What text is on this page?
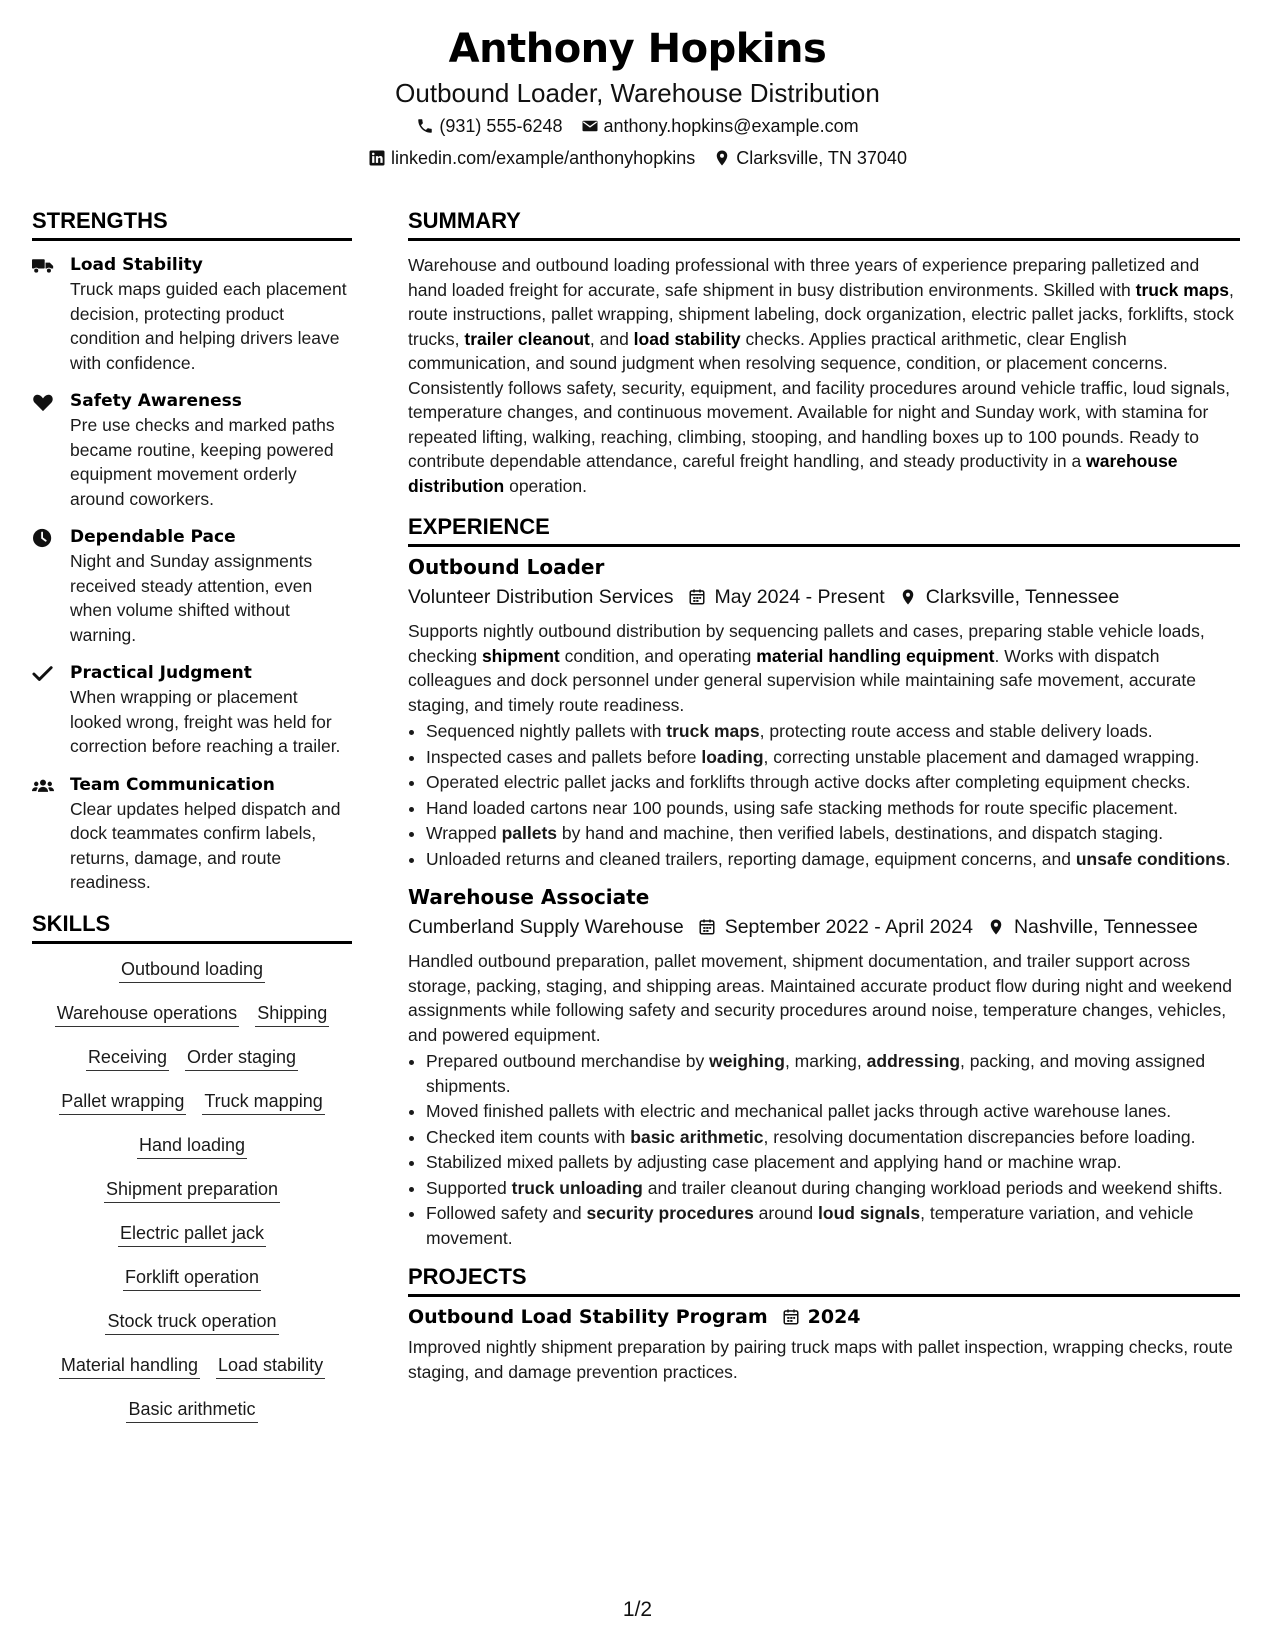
Anthony Hopkins
Outbound Loader, Warehouse Distribution
(931) 555-6248 anthony.hopkins@example.com
linkedin.com/example/anthonyhopkins Clarksville, TN 37040
STRENGTHS
Load Stability
Truck maps guided each placement decision, protecting product condition and helping drivers leave with confidence.
Safety Awareness
Pre use checks and marked paths became routine, keeping powered equipment movement orderly around coworkers.
Dependable Pace
Night and Sunday assignments received steady attention, even when volume shifted without warning.
Practical Judgment
When wrapping or placement looked wrong, freight was held for correction before reaching a trailer.
Team Communication
Clear updates helped dispatch and dock teammates confirm labels, returns, damage, and route readiness.
SKILLS
Outbound loading
Warehouse operations Shipping
Receiving Order staging
Pallet wrapping Truck mapping
Hand loading
Shipment preparation
Electric pallet jack
Forklift operation
Stock truck operation
Material handling Load stability
Basic arithmetic
SUMMARY

Warehouse and outbound loading professional with three years of experience preparing palletized and hand loaded freight for accurate, safe shipment in busy distribution environments. Skilled with truck maps, route instructions, pallet wrapping, shipment labeling, dock organization, electric pallet jacks, forklifts, stock trucks, trailer cleanout, and load stability checks. Applies practical arithmetic, clear English communication, and sound judgment when resolving sequence, condition, or placement concerns. Consistently follows safety, security, equipment, and facility procedures around vehicle traffic, loud signals, temperature changes, and continuous movement. Available for night and Sunday work, with stamina for repeated lifting, walking, reaching, climbing, stooping, and handling boxes up to 100 pounds. Ready to contribute dependable attendance, careful freight handling, and steady productivity in a warehouse distribution operation.

EXPERIENCE
Outbound Loader
Volunteer Distribution Services May 2024 - Present Clarksville, Tennessee

Supports nightly outbound distribution by sequencing pallets and cases, preparing stable vehicle loads, checking shipment condition, and operating material handling equipment. Works with dispatch colleagues and dock personnel under general supervision while maintaining safe movement, accurate staging, and timely route readiness.

• Sequenced nightly pallets with truck maps, protecting route access and stable delivery loads.
• Inspected cases and pallets before loading, correcting unstable placement and damaged wrapping.
• Operated electric pallet jacks and forklifts through active docks after completing equipment checks.
• Hand loaded cartons near 100 pounds, using safe stacking methods for route specific placement.
• Wrapped pallets by hand and machine, then verified labels, destinations, and dispatch staging.
• Unloaded returns and cleaned trailers, reporting damage, equipment concerns, and unsafe conditions.
Warehouse Associate
Cumberland Supply Warehouse September 2022 - April 2024 Nashville, Tennessee

Handled outbound preparation, pallet movement, shipment documentation, and trailer support across storage, packing, staging, and shipping areas. Maintained accurate product flow during night and weekend assignments while following safety and security procedures around noise, temperature changes, vehicles, and powered equipment.

• Prepared outbound merchandise by weighing, marking, addressing, packing, and moving assigned shipments.
• Moved finished pallets with electric and mechanical pallet jacks through active warehouse lanes.
• Checked item counts with basic arithmetic, resolving documentation discrepancies before loading.
• Stabilized mixed pallets by adjusting case placement and applying hand or machine wrap.
• Supported truck unloading and trailer cleanout during changing workload periods and weekend shifts.
• Followed safety and security procedures around loud signals, temperature variation, and vehicle movement.
PROJECTS
Outbound Load Stability Program 2024

Improved nightly shipment preparation by pairing truck maps with pallet inspection, wrapping checks, route staging, and damage prevention practices.

1/2
